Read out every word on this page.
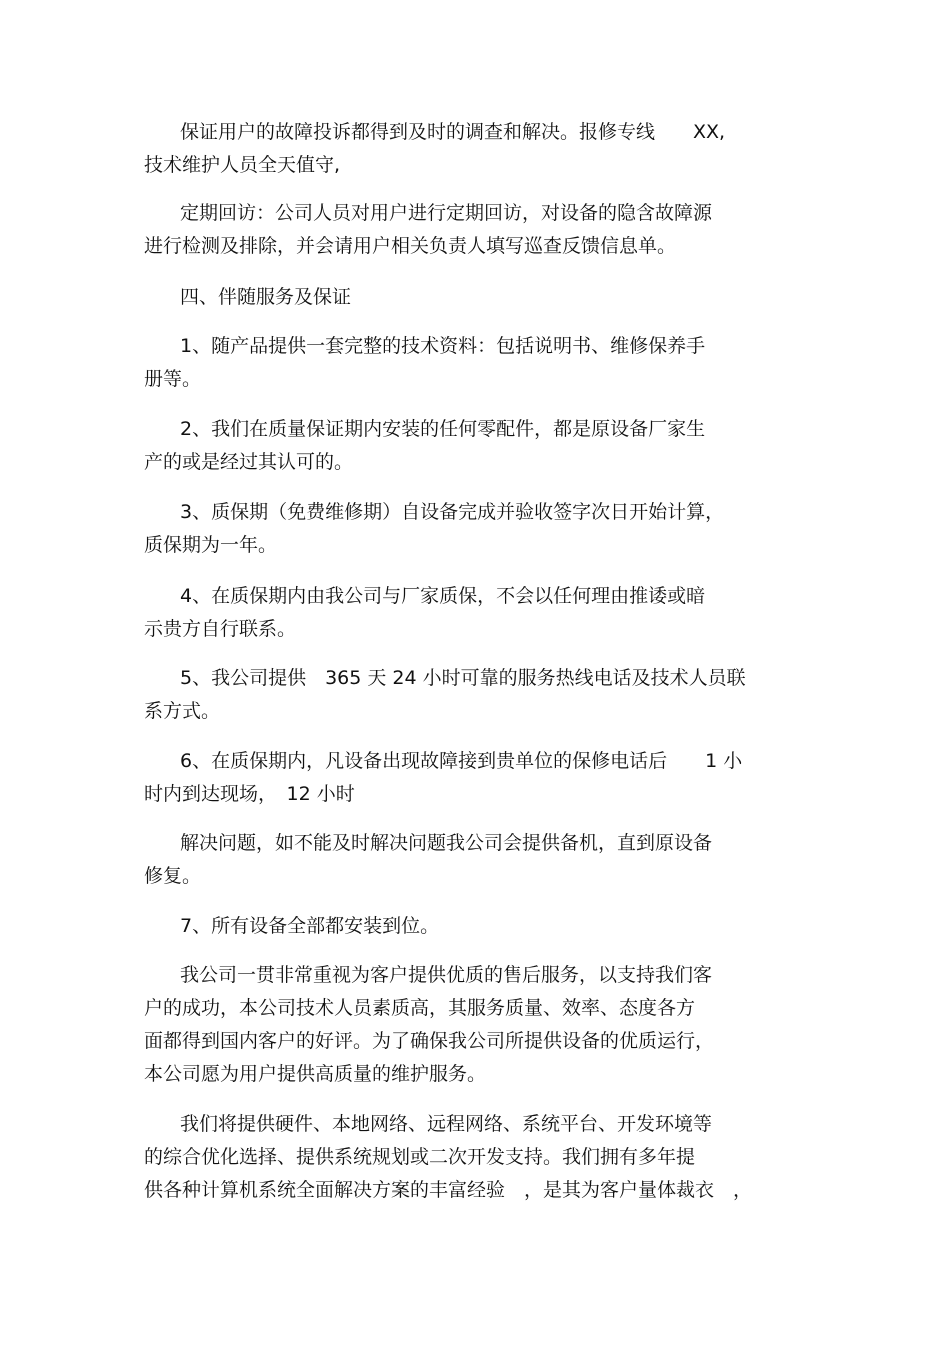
保证用户的故障投诉都得到及时的调查和解决。报修专线　　XX,
技术维护人员全天值守,

定期回访：公司人员对用户进行定期回访，对设备的隐含故障源
进行检测及排除，并会请用户相关负责人填写巡查反馈信息单。

四、伴随服务及保证

1、随产品提供一套完整的技术资料：包括说明书、维修保养手
册等。

2、我们在质量保证期内安装的任何零配件，都是原设备厂家生
产的或是经过其认可的。

3、质保期（免费维修期）自设备完成并验收签字次日开始计算，
质保期为一年。

4、在质保期内由我公司与厂家质保，不会以任何理由推诿或暗
示贵方自行联系。

5、我公司提供　365 天 24 小时可靠的服务热线电话及技术人员联
系方式。

6、在质保期内，凡设备出现故障接到贵单位的保修电话后　　1 小
时内到达现场，　12 小时

解决问题，如不能及时解决问题我公司会提供备机，直到原设备
修复。

7、所有设备全部都安装到位。

我公司一贯非常重视为客户提供优质的售后服务，以支持我们客
户的成功，本公司技术人员素质高，其服务质量、效率、态度各方
面都得到国内客户的好评。为了确保我公司所提供设备的优质运行，
本公司愿为用户提供高质量的维护服务。

我们将提供硬件、本地网络、远程网络、系统平台、开发环境等
的综合优化选择、提供系统规划或二次开发支持。我们拥有多年提
供各种计算机系统全面解决方案的丰富经验　，是其为客户量体裁衣　，
